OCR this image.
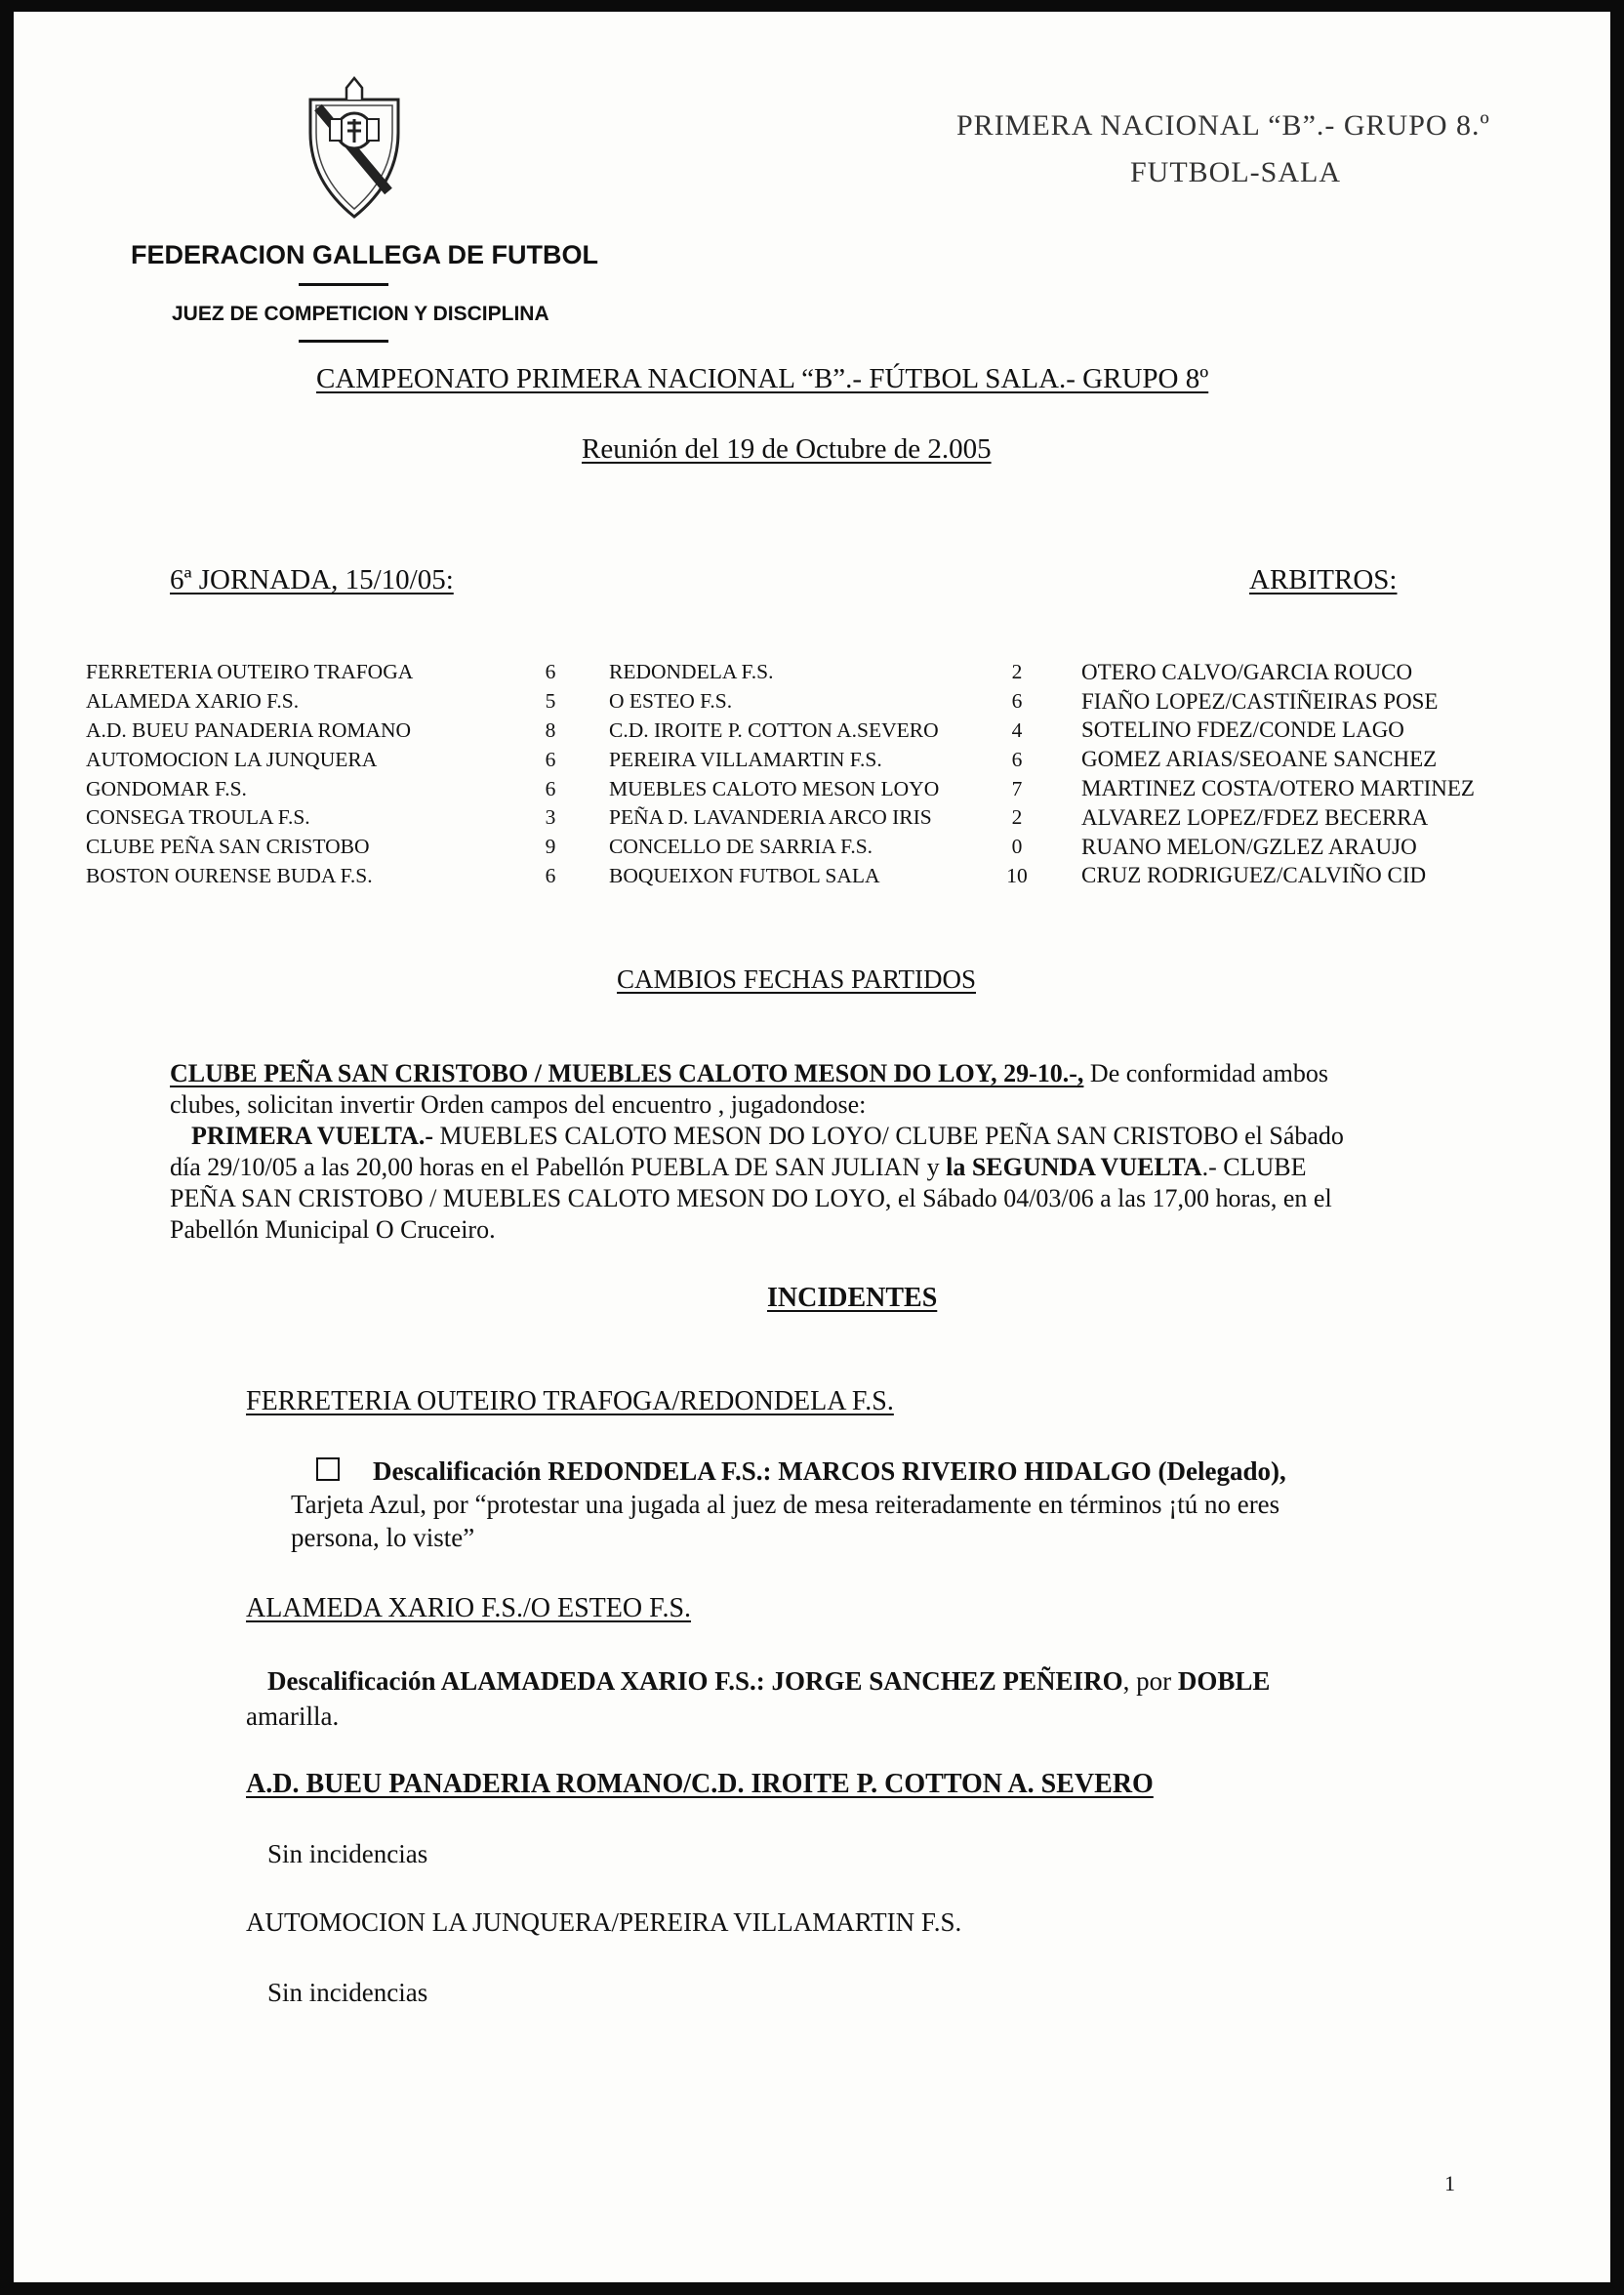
FEDERACION GALLEGA DE FUTBOL
JUEZ DE COMPETICION Y DISCIPLINA
PRIMERA NACIONAL “B”.- GRUPO 8.º
FUTBOL-SALA
CAMPEONATO PRIMERA NACIONAL “B”.- FÚTBOL SALA.- GRUPO 8º
Reunión del 19 de Octubre de 2.005
6ª JORNADA, 15/10/05:	ARBITROS:
FERRETERIA OUTEIRO TRAFOGA	6	REDONDELA F.S.	2	OTERO CALVO/GARCIA ROUCO
ALAMEDA XARIO F.S.	5	O ESTEO F.S.	6	FIAÑO LOPEZ/CASTIÑEIRAS POSE
A.D. BUEU PANADERIA ROMANO	8	C.D. IROITE P. COTTON A.SEVERO	4	SOTELINO FDEZ/CONDE LAGO
AUTOMOCION LA JUNQUERA	6	PEREIRA VILLAMARTIN F.S.	6	GOMEZ ARIAS/SEOANE SANCHEZ
GONDOMAR F.S.	6	MUEBLES CALOTO MESON LOYO	7	MARTINEZ COSTA/OTERO MARTINEZ
CONSEGA TROULA F.S.	3	PEÑA D. LAVANDERIA ARCO IRIS	2	ALVAREZ LOPEZ/FDEZ BECERRA
CLUBE PEÑA SAN CRISTOBO	9	CONCELLO DE SARRIA F.S.	0	RUANO MELON/GZLEZ ARAUJO
BOSTON OURENSE BUDA F.S.	6	BOQUEIXON FUTBOL SALA	10	CRUZ RODRIGUEZ/CALVIÑO CID
CAMBIOS FECHAS PARTIDOS
CLUBE PEÑA SAN CRISTOBO / MUEBLES CALOTO MESON DO LOY, 29-10.-, De conformidad ambos
clubes, solicitan invertir Orden campos del encuentro , jugadondose:
PRIMERA VUELTA.- MUEBLES CALOTO MESON DO LOYO/ CLUBE PEÑA SAN CRISTOBO el Sábado
día 29/10/05 a las 20,00 horas en el Pabellón PUEBLA DE SAN JULIAN y la SEGUNDA VUELTA.- CLUBE
PEÑA SAN CRISTOBO / MUEBLES CALOTO MESON DO LOYO, el Sábado 04/03/06 a las 17,00 horas, en el
Pabellón Municipal O Cruceiro.
INCIDENTES
FERRETERIA OUTEIRO TRAFOGA/REDONDELA F.S.
Descalificación REDONDELA F.S.: MARCOS RIVEIRO HIDALGO (Delegado),
Tarjeta Azul, por “protestar una jugada al juez de mesa reiteradamente en términos ¡tú no eres
persona, lo viste”
ALAMEDA XARIO F.S./O ESTEO F.S.
Descalificación ALAMADEDA XARIO F.S.: JORGE SANCHEZ PEÑEIRO, por DOBLE
amarilla.
A.D. BUEU PANADERIA ROMANO/C.D. IROITE P. COTTON A. SEVERO
Sin incidencias
AUTOMOCION LA JUNQUERA/PEREIRA VILLAMARTIN F.S.
Sin incidencias
1
